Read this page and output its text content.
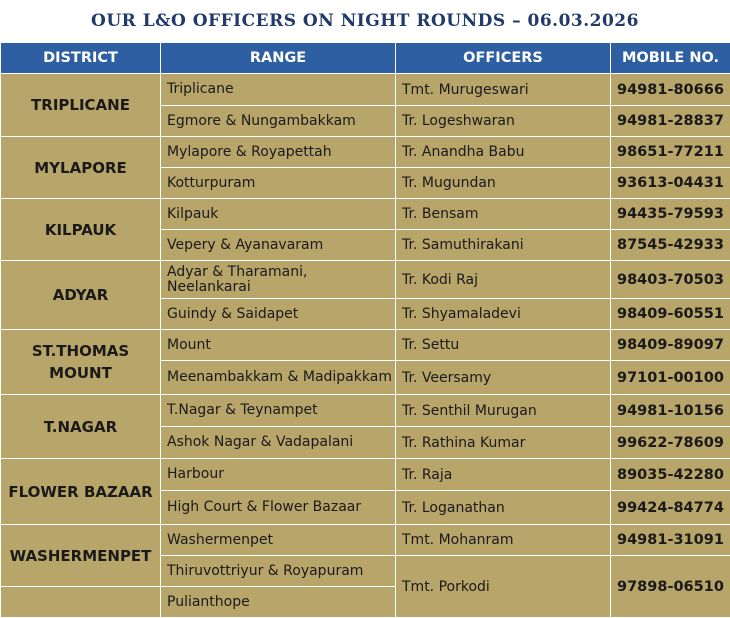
OUR L&O OFFICERS ON NIGHT ROUNDS – 06.03.2026
DISTRICT	RANGE	OFFICERS	MOBILE NO.
TRIPLICANE	Triplicane	Tmt. Murugeswari	94981-80666
	Egmore & Nungambakkam	Tr. Logeshwaran	94981-28837
MYLAPORE	Mylapore & Royapettah	Tr. Anandha Babu	98651-77211
	Kotturpuram	Tr. Mugundan	93613-04431
KILPAUK	Kilpauk	Tr. Bensam	94435-79593
	Vepery & Ayanavaram	Tr. Samuthirakani	87545-42933
ADYAR	Adyar & Tharamani, Neelankarai	Tr. Kodi Raj	98403-70503
	Guindy & Saidapet	Tr. Shyamaladevi	98409-60551
ST.THOMAS MOUNT	Mount	Tr. Settu	98409-89097
	Meenambakkam & Madipakkam	Tr. Veersamy	97101-00100
T.NAGAR	T.Nagar & Teynampet	Tr. Senthil Murugan	94981-10156
	Ashok Nagar & Vadapalani	Tr. Rathina Kumar	99622-78609
FLOWER BAZAAR	Harbour	Tr. Raja	89035-42280
	High Court & Flower Bazaar	Tr. Loganathan	99424-84774
WASHERMENPET	Washermenpet	Tmt. Mohanram	94981-31091
	Thiruvottriyur & Royapuram	Tmt. Porkodi	97898-06510
	Pulianthope		
